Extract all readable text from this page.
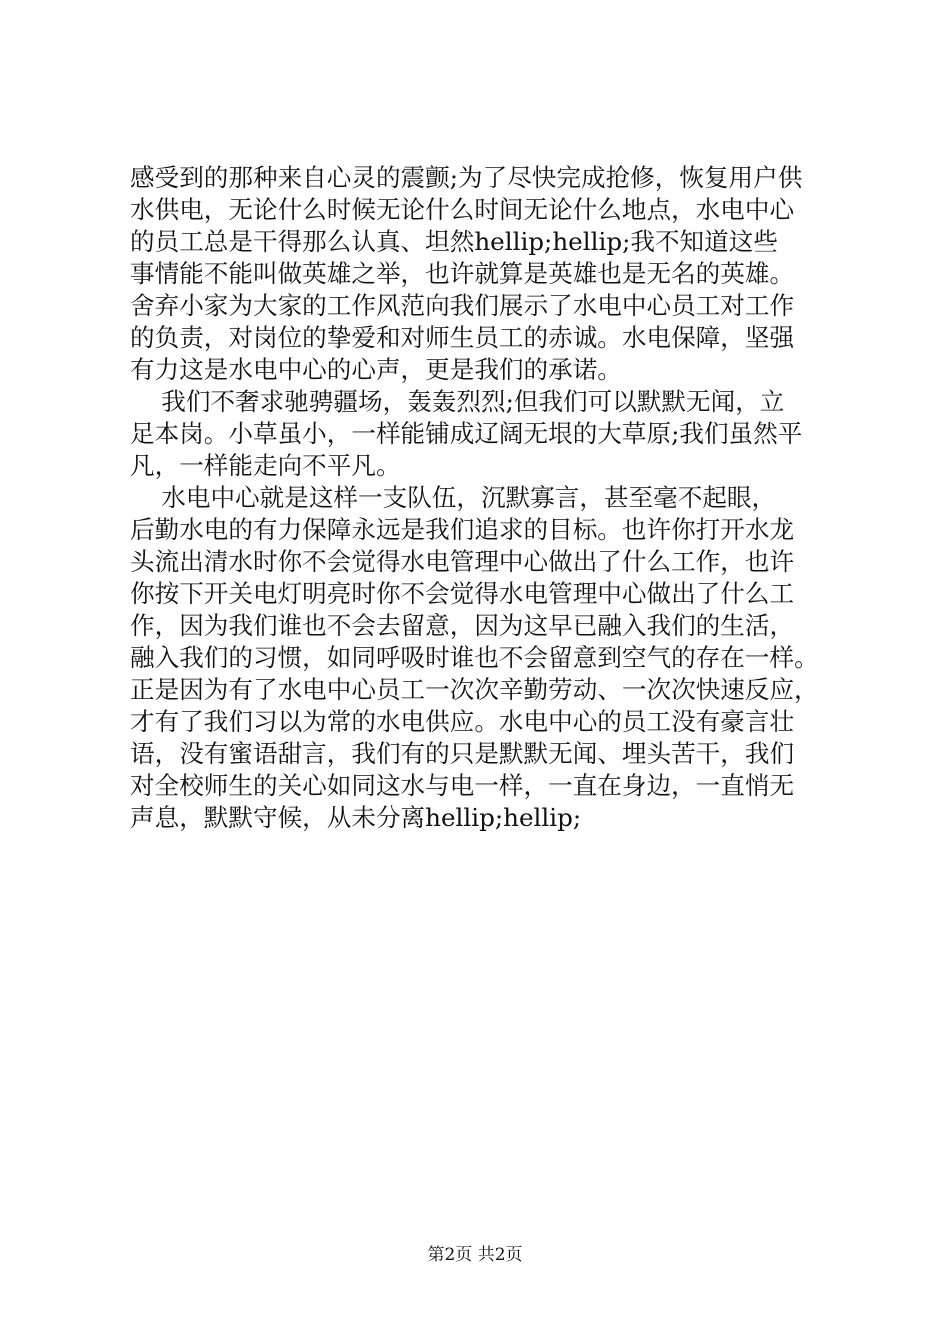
感受到的那种来自心灵的震颤;为了尽快完成抢修，恢复用户供
水供电，无论什么时候无论什么时间无论什么地点，水电中心
的员工总是干得那么认真、坦然hellip;hellip;我不知道这些
事情能不能叫做英雄之举，也许就算是英雄也是无名的英雄。
舍弃小家为大家的工作风范向我们展示了水电中心员工对工作
的负责，对岗位的挚爱和对师生员工的赤诚。水电保障，坚强
有力这是水电中心的心声，更是我们的承诺。
我们不奢求驰骋疆场，轰轰烈烈;但我们可以默默无闻，立
足本岗。小草虽小，一样能铺成辽阔无垠的大草原;我们虽然平
凡，一样能走向不平凡。
水电中心就是这样一支队伍，沉默寡言，甚至毫不起眼，
后勤水电的有力保障永远是我们追求的目标。也许你打开水龙
头流出清水时你不会觉得水电管理中心做出了什么工作，也许
你按下开关电灯明亮时你不会觉得水电管理中心做出了什么工
作，因为我们谁也不会去留意，因为这早已融入我们的生活，
融入我们的习惯，如同呼吸时谁也不会留意到空气的存在一样。
正是因为有了水电中心员工一次次辛勤劳动、一次次快速反应，
才有了我们习以为常的水电供应。水电中心的员工没有豪言壮
语，没有蜜语甜言，我们有的只是默默无闻、埋头苦干，我们
对全校师生的关心如同这水与电一样，一直在身边，一直悄无
声息，默默守候，从未分离hellip;hellip;
第2页 共2页
